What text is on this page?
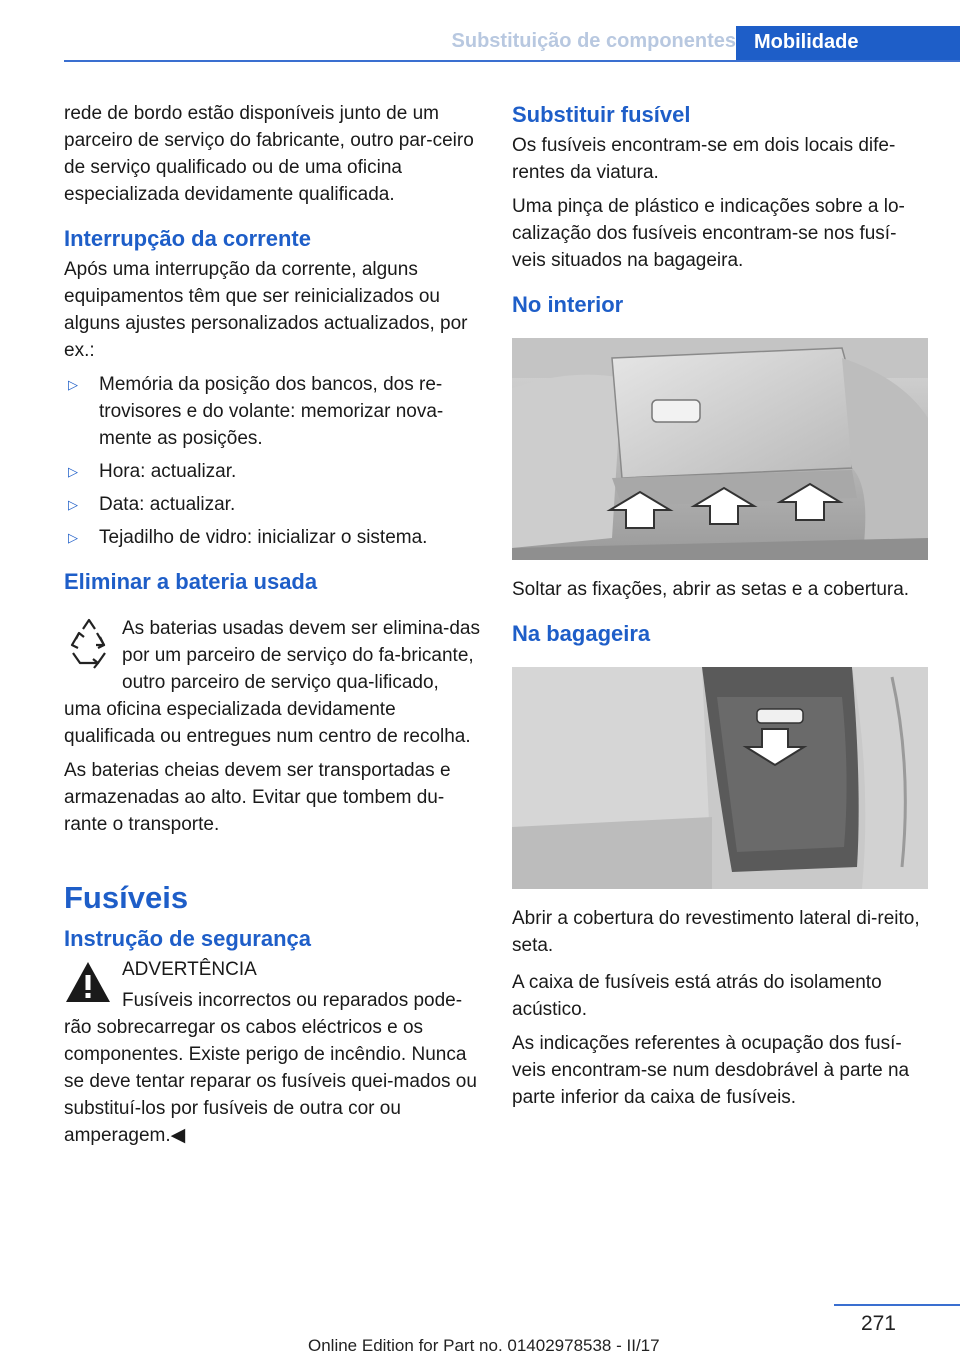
Substituição de componentes Mobilidade

rede de bordo estão disponíveis junto de um parceiro de serviço do fabricante, outro par‐ceiro de serviço qualificado ou de uma oficina especializada devidamente qualificada.

Interrupção da corrente

Após uma interrupção da corrente, alguns equipamentos têm que ser reinicializados ou alguns ajustes personalizados actualizados, por ex.:

▷ Memória da posição dos bancos, dos re‐trovisores e do volante: memorizar nova‐mente as posições.
▷ Hora: actualizar.
▷ Data: actualizar.
▷ Tejadilho de vidro: inicializar o sistema.
Eliminar a bateria usada

As baterias usadas devem ser elimina‐das por um parceiro de serviço do fa‐bricante, outro parceiro de serviço qua‐lificado, uma oficina especializada devidamente qualificada ou entregues num centro de recolha.

As baterias cheias devem ser transportadas e armazenadas ao alto. Evitar que tombem du‐rante o transporte.

Fusíveis
Instrução de segurança

ADVERTÊNCIA

Fusíveis incorrectos ou reparados pode‐rão sobrecarregar os cabos eléctricos e os componentes. Existe perigo de incêndio. Nunca se deve tentar reparar os fusíveis quei‐mados ou substituí-los por fusíveis de outra cor ou amperagem.◀

Substituir fusível

Os fusíveis encontram-se em dois locais dife‐rentes da viatura.

Uma pinça de plástico e indicações sobre a lo‐calização dos fusíveis encontram-se nos fusí‐veis situados na bagageira.

No interior

Soltar as fixações, abrir as setas e a cobertura.

Na bagageira

Abrir a cobertura do revestimento lateral di‐reito, seta.

A caixa de fusíveis está atrás do isolamento acústico.

As indicações referentes à ocupação dos fusí‐veis encontram-se num desdobrável à parte na parte inferior da caixa de fusíveis.

271
Online Edition for Part no. 01402978538 - II/17
